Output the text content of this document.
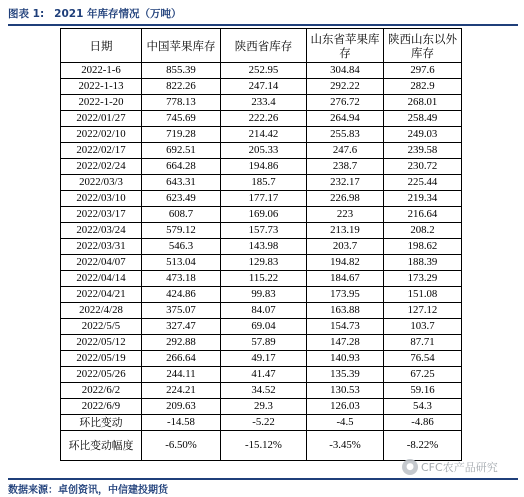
图表 1: 2021 年库存情况（万吨）
日期	中国苹果库存	陕西省库存	山东省苹果库存	陕西山东以外库存
2022-1-6	855.39	252.95	304.84	297.6
2022-1-13	822.26	247.14	292.22	282.9
2022-1-20	778.13	233.4	276.72	268.01
2022/01/27	745.69	222.26	264.94	258.49
2022/02/10	719.28	214.42	255.83	249.03
2022/02/17	692.51	205.33	247.6	239.58
2022/02/24	664.28	194.86	238.7	230.72
2022/03/3	643.31	185.7	232.17	225.44
2022/03/10	623.49	177.17	226.98	219.34
2022/03/17	608.7	169.06	223	216.64
2022/03/24	579.12	157.73	213.19	208.2
2022/03/31	546.3	143.98	203.7	198.62
2022/04/07	513.04	129.83	194.82	188.39
2022/04/14	473.18	115.22	184.67	173.29
2022/04/21	424.86	99.83	173.95	151.08
2022/4/28	375.07	84.07	163.88	127.12
2022/5/5	327.47	69.04	154.73	103.7
2022/05/12	292.88	57.89	147.28	87.71
2022/05/19	266.64	49.17	140.93	76.54
2022/05/26	244.11	41.47	135.39	67.25
2022/6/2	224.21	34.52	130.53	59.16
2022/6/9	209.63	29.3	126.03	54.3
环比变动	-14.58	-5.22	-4.5	-4.86
环比变动幅度	-6.50%	-15.12%	-3.45%	-8.22%
数据来源：卓创资讯，中信建投期货
● CFC农产品研究
